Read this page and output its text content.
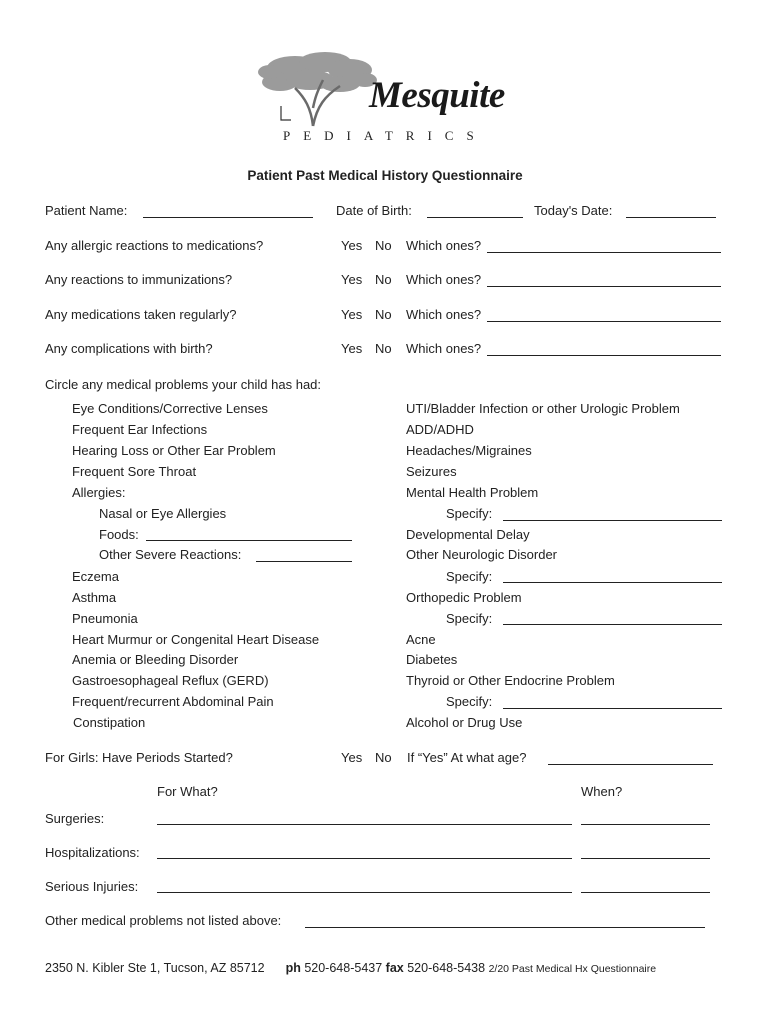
Mesquite
PEDIATRICS
Patient Past Medical History Questionnaire
Patient Name:	Date of Birth:	Today's Date:
Any allergic reactions to medications?	Yes No Which ones?
Any reactions to immunizations?	Yes No Which ones?
Any medications taken regularly?	Yes No Which ones?
Any complications with birth?	Yes No Which ones?
Circle any medical problems your child has had:
Eye Conditions/Corrective Lenses
Frequent Ear Infections
Hearing Loss or Other Ear Problem
Frequent Sore Throat
Allergies:
Nasal or Eye Allergies
Foods:
Other Severe Reactions:
Eczema
Asthma
Pneumonia
Heart Murmur or Congenital Heart Disease
Anemia or Bleeding Disorder
Gastroesophageal Reflux (GERD)
Frequent/recurrent Abdominal Pain
Constipation
UTI/Bladder Infection or other Urologic Problem
ADD/ADHD
Headaches/Migraines
Seizures
Mental Health Problem
Specify:
Developmental Delay
Other Neurologic Disorder
Specify:
Orthopedic Problem
Specify:
Acne
Diabetes
Thyroid or Other Endocrine Problem
Specify:
Alcohol or Drug Use
For Girls: Have Periods Started?	Yes No If “Yes” At what age?
For What?	When?
Surgeries:
Hospitalizations:
Serious Injuries:
Other medical problems not listed above:
2350 N. Kibler Ste 1, Tucson, AZ 85712 ph 520-648-5437 fax 520-648-5438 2/20 Past Medical Hx Questionnaire
